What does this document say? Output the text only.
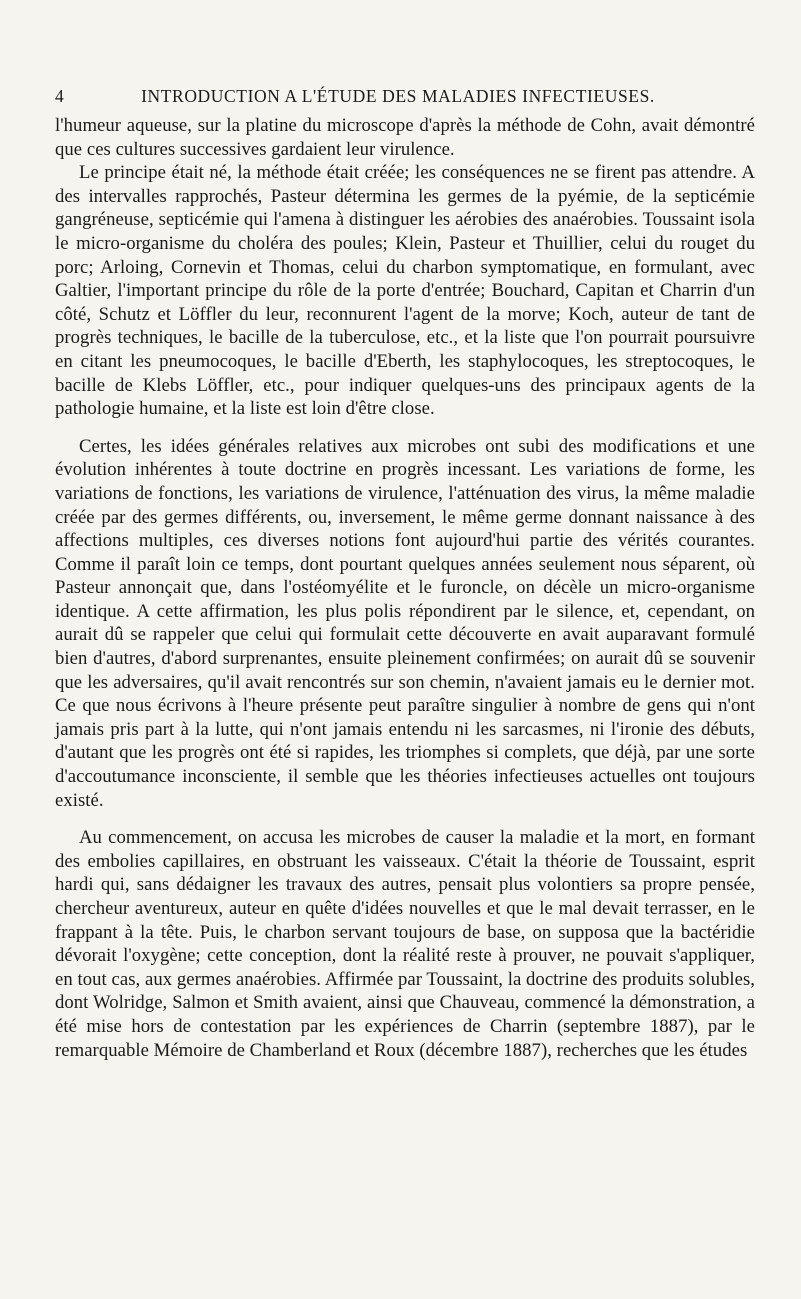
4	INTRODUCTION A L'ÉTUDE DES MALADIES INFECTIEUSES.

l'humeur aqueuse, sur la platine du microscope d'après la méthode de Cohn, avait démontré que ces cultures successives gardaient leur virulence.

Le principe était né, la méthode était créée; les conséquences ne se firent pas attendre. A des intervalles rapprochés, Pasteur détermina les germes de la pyémie, de la septicémie gangréneuse, septicémie qui l'amena à distinguer les aérobies des anaérobies. Toussaint isola le micro-organisme du choléra des poules; Klein, Pasteur et Thuillier, celui du rouget du porc; Arloing, Cornevin et Thomas, celui du charbon symptomatique, en formulant, avec Galtier, l'important principe du rôle de la porte d'entrée; Bouchard, Capitan et Charrin d'un côté, Schutz et Löffler du leur, reconnurent l'agent de la morve; Koch, auteur de tant de progrès techniques, le bacille de la tuberculose, etc., et la liste que l'on pourrait poursuivre en citant les pneumocoques, le bacille d'Eberth, les staphylocoques, les streptocoques, le bacille de Klebs Löffler, etc., pour indiquer quelques-uns des principaux agents de la pathologie humaine, et la liste est loin d'être close.

Certes, les idées générales relatives aux microbes ont subi des modifications et une évolution inhérentes à toute doctrine en progrès incessant. Les variations de forme, les variations de fonctions, les variations de virulence, l'atténuation des virus, la même maladie créée par des germes différents, ou, inversement, le même germe donnant naissance à des affections multiples, ces diverses notions font aujourd'hui partie des vérités courantes. Comme il paraît loin ce temps, dont pourtant quelques années seulement nous séparent, où Pasteur annonçait que, dans l'ostéomyélite et le furoncle, on décèle un micro-organisme identique. A cette affirmation, les plus polis répondirent par le silence, et, cependant, on aurait dû se rappeler que celui qui formulait cette découverte en avait auparavant formulé bien d'autres, d'abord surprenantes, ensuite pleinement confirmées; on aurait dû se souvenir que les adversaires, qu'il avait rencontrés sur son chemin, n'avaient jamais eu le dernier mot. Ce que nous écrivons à l'heure présente peut paraître singulier à nombre de gens qui n'ont jamais pris part à la lutte, qui n'ont jamais entendu ni les sarcasmes, ni l'ironie des débuts, d'autant que les progrès ont été si rapides, les triomphes si complets, que déjà, par une sorte d'accoutumance inconsciente, il semble que les théories infectieuses actuelles ont toujours existé.

Au commencement, on accusa les microbes de causer la maladie et la mort, en formant des embolies capillaires, en obstruant les vaisseaux. C'était la théorie de Toussaint, esprit hardi qui, sans dédaigner les travaux des autres, pensait plus volontiers sa propre pensée, chercheur aventureux, auteur en quête d'idées nouvelles et que le mal devait terrasser, en le frappant à la tête. Puis, le charbon servant toujours de base, on supposa que la bactéridie dévorait l'oxygène; cette conception, dont la réalité reste à prouver, ne pouvait s'appliquer, en tout cas, aux germes anaérobies. Affirmée par Toussaint, la doctrine des produits solubles, dont Wolridge, Salmon et Smith avaient, ainsi que Chauveau, commencé la démonstration, a été mise hors de contestation par les expériences de Charrin (septembre 1887), par le remarquable Mémoire de Chamberland et Roux (décembre 1887), recherches que les études
